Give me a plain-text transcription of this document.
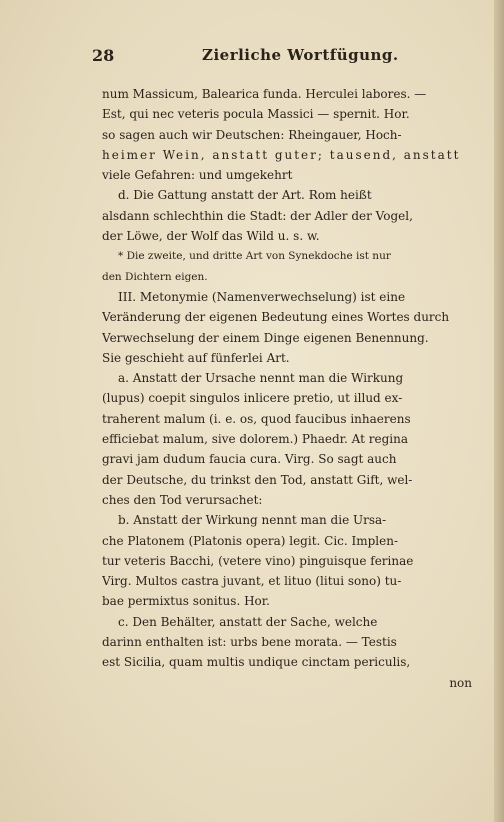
28	Zierliche Wortfügung.

num Massicum, Balearica funda. Herculei labores. —

Est, qui nec veteris pocula Massici — spernit. Hor.

so sagen auch wir Deutschen: Rheingauer, Hoch-

heimer Wein, anstatt guter; tausend, anstatt

viele Gefahren: und umgekehrt

d. Die Gattung anstatt der Art. Rom heißt

alsdann schlechthin die Stadt: der Adler der Vogel,

der Löwe, der Wolf das Wild u. s. w.

* Die zweite, und dritte Art von Synekdoche ist nur

den Dichtern eigen.

III. Metonymie (Namenverwechselung) ist eine

Veränderung der eigenen Bedeutung eines Wortes durch

Verwechselung der einem Dinge eigenen Benennung.

Sie geschieht auf fünferlei Art.

a. Anstatt der Ursache nennt man die Wirkung

(lupus) coepit singulos inlicere pretio, ut illud ex-

traherent malum (i. e. os, quod faucibus inhaerens

efficiebat malum, sive dolorem.) Phaedr. At regina

gravi jam dudum faucia cura. Virg. So sagt auch

der Deutsche, du trinkst den Tod, anstatt Gift, wel-

ches den Tod verursachet:

b. Anstatt der Wirkung nennt man die Ursa-

che Platonem (Platonis opera) legit. Cic. Implen-

tur veteris Bacchi, (vetere vino) pinguisque ferinae

Virg. Multos castra juvant, et lituo (litui sono) tu-

bae permixtus sonitus. Hor.

c. Den Behälter, anstatt der Sache, welche

darinn enthalten ist: urbs bene morata. — Testis

est Sicilia, quam multis undique cinctam periculis,

non
